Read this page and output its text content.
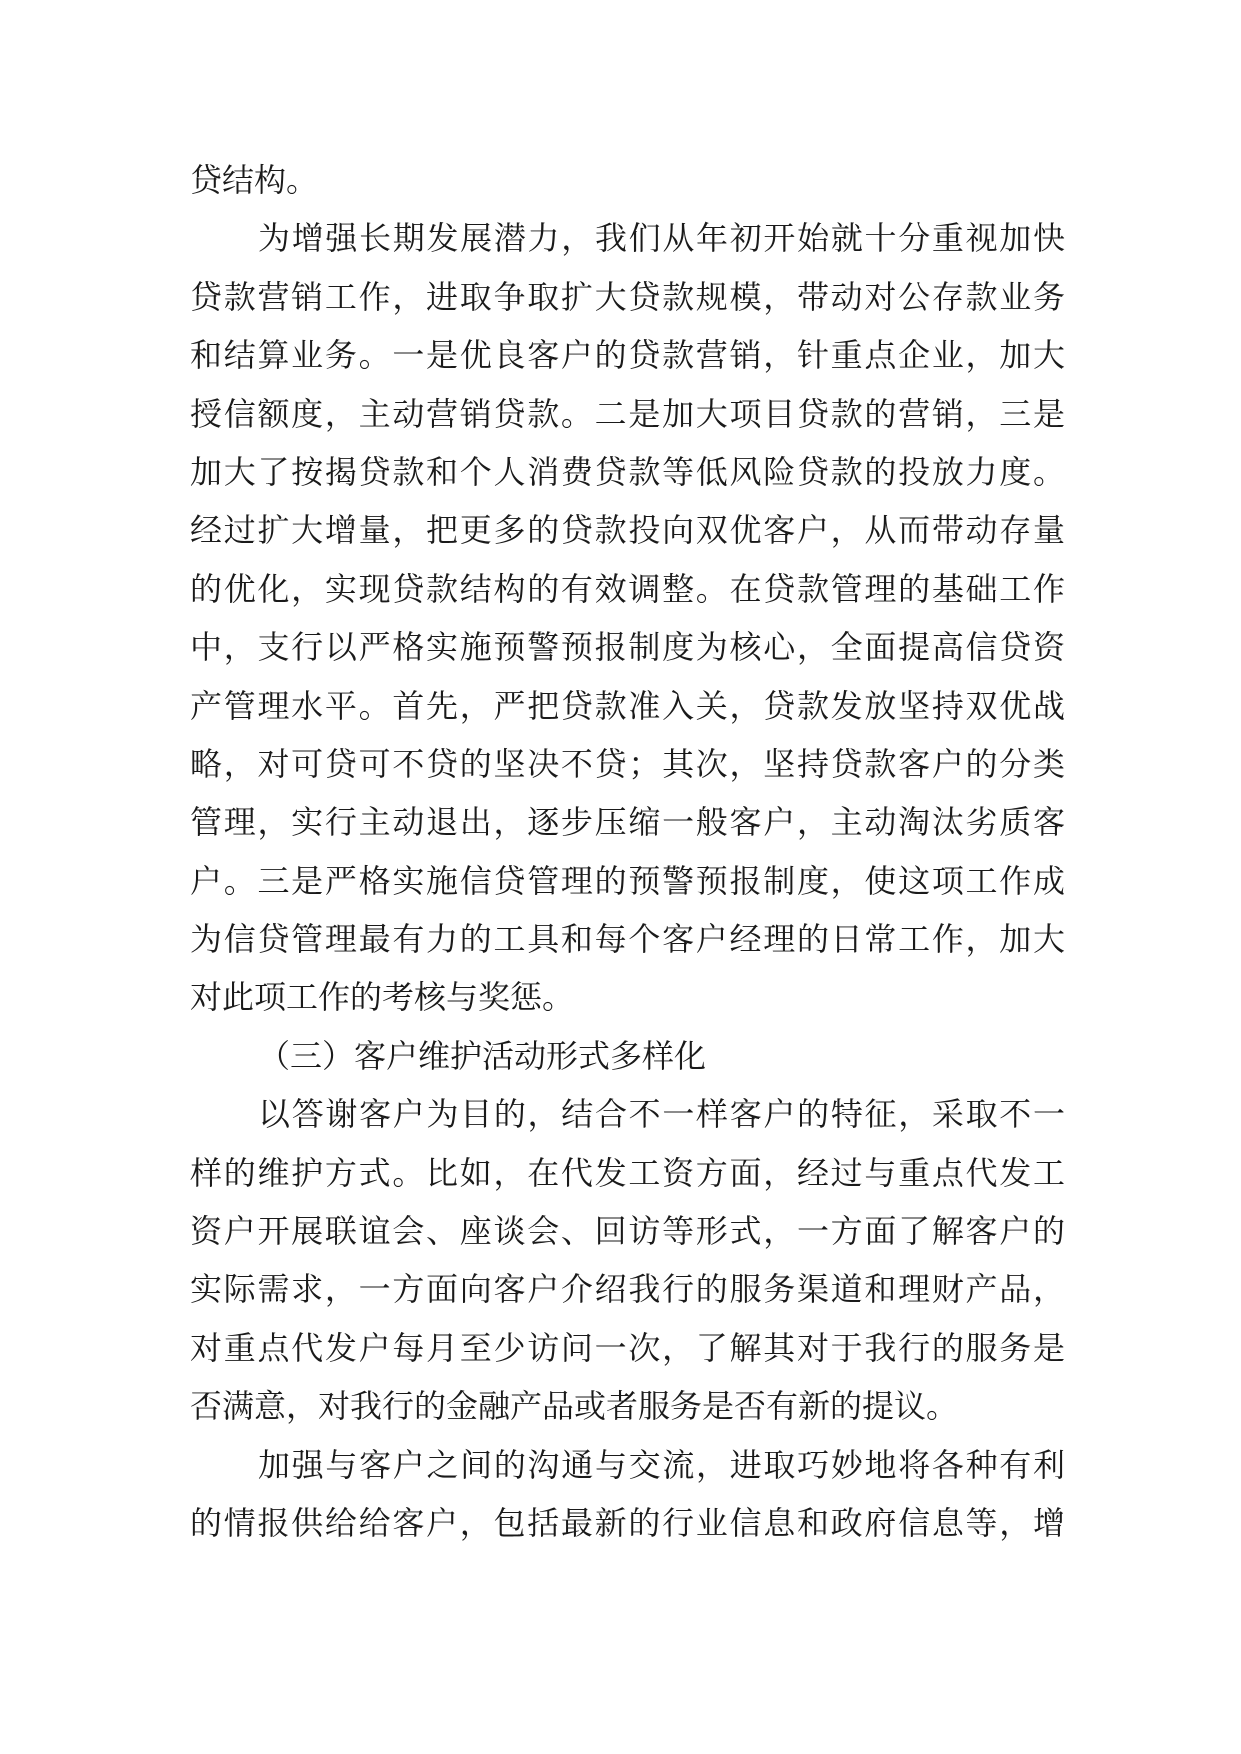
贷结构。
为增强长期发展潜力，我们从年初开始就十分重视加快
贷款营销工作，进取争取扩大贷款规模，带动对公存款业务
和结算业务。一是优良客户的贷款营销，针重点企业，加大
授信额度，主动营销贷款。二是加大项目贷款的营销，三是
加大了按揭贷款和个人消费贷款等低风险贷款的投放力度。
经过扩大增量，把更多的贷款投向双优客户，从而带动存量
的优化，实现贷款结构的有效调整。在贷款管理的基础工作
中，支行以严格实施预警预报制度为核心，全面提高信贷资
产管理水平。首先，严把贷款准入关，贷款发放坚持双优战
略，对可贷可不贷的坚决不贷；其次，坚持贷款客户的分类
管理，实行主动退出，逐步压缩一般客户，主动淘汰劣质客
户。三是严格实施信贷管理的预警预报制度，使这项工作成
为信贷管理最有力的工具和每个客户经理的日常工作，加大
对此项工作的考核与奖惩。
（三）客户维护活动形式多样化
以答谢客户为目的，结合不一样客户的特征，采取不一
样的维护方式。比如，在代发工资方面，经过与重点代发工
资户开展联谊会、座谈会、回访等形式，一方面了解客户的
实际需求，一方面向客户介绍我行的服务渠道和理财产品，
对重点代发户每月至少访问一次，了解其对于我行的服务是
否满意，对我行的金融产品或者服务是否有新的提议。
加强与客户之间的沟通与交流，进取巧妙地将各种有利
的情报供给给客户，包括最新的行业信息和政府信息等，增
